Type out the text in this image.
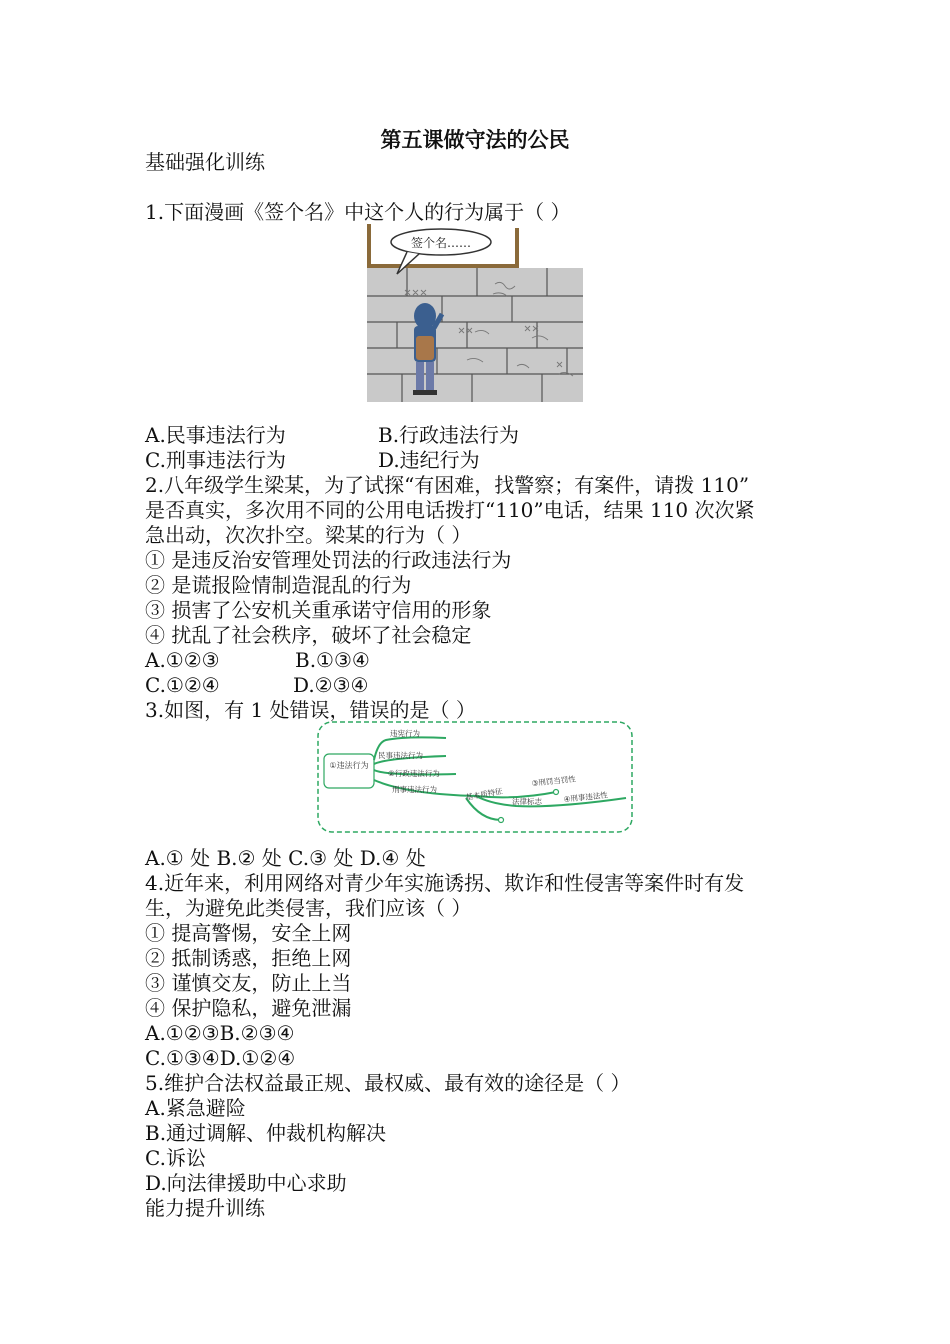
第五课做守法的公民
基础强化训练
1.下面漫画《签个名》中这个人的行为属于（ ）
签个名……
A.民事违法行为	B.行政违法行为
C.刑事违法行为	D.违纪行为
2.八年级学生梁某，为了试探“有困难，找警察；有案件，请拨 110”
是否真实，多次用不同的公用电话拨打“110”电话，结果 110 次次紧
急出动，次次扑空。梁某的行为（ ）
① 是违反治安管理处罚法的行政违法行为
② 是谎报险情制造混乱的行为
③ 损害了公安机关重承诺守信用的形象
④ 扰乱了社会秩序，破坏了社会稳定
A.①②③	B.①③④
C.①②④	D.②③④
3.如图，有 1 处错误，错误的是（ ）
①违法行为
违宪行为
民事违法行为
②行政违法行为
刑事违法行为	基本质特征 法律标志
③刑罚当罚性
④刑事违法性
A.① 处 B.② 处 C.③ 处 D.④ 处
4.近年来，利用网络对青少年实施诱拐、欺诈和性侵害等案件时有发
生，为避免此类侵害，我们应该（ ）
① 提高警惕，安全上网
② 抵制诱惑，拒绝上网
③ 谨慎交友，防止上当
④ 保护隐私，避免泄漏
A.①②③B.②③④
C.①③④D.①②④
5.维护合法权益最正规、最权威、最有效的途径是（ ）
A.紧急避险
B.通过调解、仲裁机构解决
C.诉讼
D.向法律援助中心求助
能力提升训练
